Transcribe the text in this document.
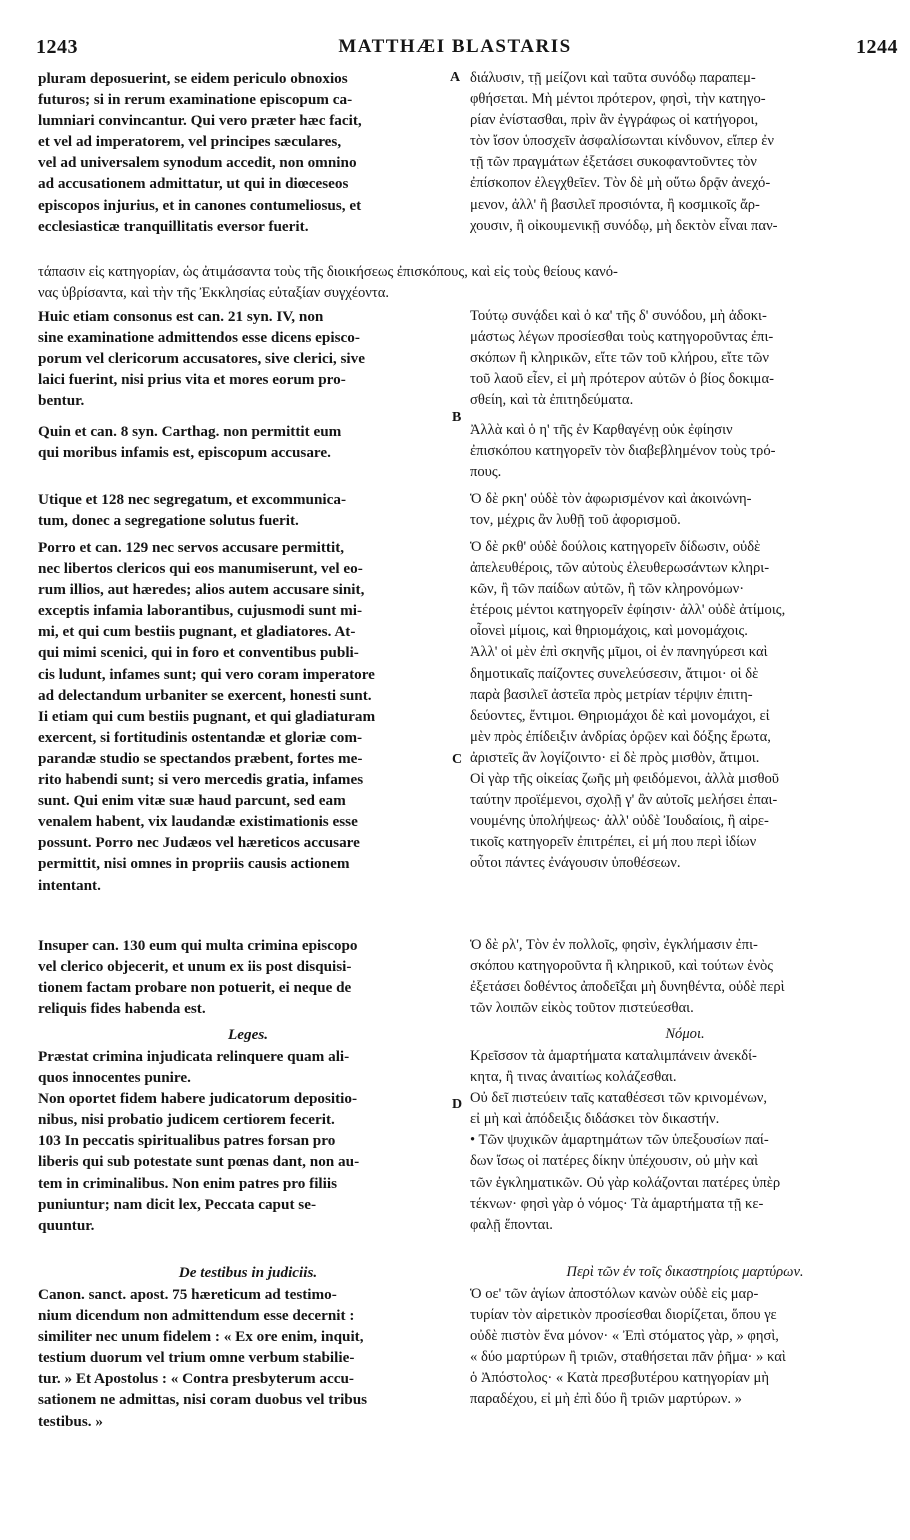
1243	MATTHÆI BLASTARIS	1244
A
B
C
D
pluram deposuerint, se eidem periculo obnoxios
futuros; si in rerum examinatione episcopum ca-
lumniari convincantur. Qui vero præter hæc facit,
et vel ad imperatorem, vel principes sæculares,
vel ad universalem synodum accedit, non omnino
ad accusationem admittatur, ut qui in diœceseos
episcopos injurius, et in canones contumeliosus, et
ecclesiasticæ tranquillitatis eversor fuerit.
τάπασιν εἰς κατηγορίαν, ὡς ἀτιμάσαντα τοὺς τῆς διοικήσεως ἐπισκόπους, καὶ εἰς τοὺς θείους κανό-
νας ὑβρίσαντα, καὶ τὴν τῆς Ἐκκλησίας εὐταξίαν συγχέοντα.
Huic etiam consonus est can. 21 syn. IV, non
sine examinatione admittendos esse dicens episco-
porum vel clericorum accusatores, sive clerici, sive
laici fuerint, nisi prius vita et mores eorum pro-
bentur.
Quin et can. 8 syn. Carthag. non permittit eum
qui moribus infamis est, episcopum accusare.
Utique et 128 nec segregatum, et excommunica-
tum, donec a segregatione solutus fuerit.
Porro et can. 129 nec servos accusare permittit,
nec libertos clericos qui eos manumiserunt, vel eo-
rum illios, aut hæredes; alios autem accusare sinit,
exceptis infamia laborantibus, cujusmodi sunt mi-
mi, et qui cum bestiis pugnant, et gladiatores. At-
qui mimi scenici, qui in foro et conventibus publi-
cis ludunt, infames sunt; qui vero coram imperatore
ad delectandum urbaniter se exercent, honesti sunt.
Ii etiam qui cum bestiis pugnant, et qui gladiaturam
exercent, si fortitudinis ostentandæ et gloriæ com-
parandæ studio se spectandos præbent, fortes me-
rito habendi sunt; si vero mercedis gratia, infames
sunt. Qui enim vitæ suæ haud parcunt, sed eam
venalem habent, vix laudandæ existimationis esse
possunt. Porro nec Judæos vel hæreticos accusare
permittit, nisi omnes in propriis causis actionem
intentant.
Insuper can. 130 eum qui multa crimina episcopo
vel clerico objecerit, et unum ex iis post disquisi-
tionem factam probare non potuerit, ei neque de
reliquis fides habenda est.
Leges.
Præstat crimina injudicata relinquere quam ali-
quos innocentes punire.
Non oportet fidem habere judicatorum depositio-
nibus, nisi probatio judicem certiorem fecerit.
103 In peccatis spiritualibus patres forsan pro
liberis qui sub potestate sunt pœnas dant, non au-
tem in criminalibus. Non enim patres pro filiis
puniuntur; nam dicit lex, Peccata caput se-
quuntur.
De testibus in judiciis.
Canon. sanct. apost. 75 hæreticum ad testimo-
nium dicendum non admittendum esse decernit :
similiter nec unum fidelem : « Ex ore enim, inquit,
testium duorum vel trium omne verbum stabilie-
tur. » Et Apostolus : « Contra presbyterum accu-
sationem ne admittas, nisi coram duobus vel tribus
testibus. »
διάλυσιν, τῇ μείζονι καὶ ταῦτα συνόδῳ παραπεμ-
φθήσεται. Μὴ μέντοι πρότερον, φησὶ, τὴν κατηγο-
ρίαν ἐνίστασθαι, πρὶν ἂν ἐγγράφως οἱ κατήγοροι,
τὸν ἴσον ὑποσχεῖν ἀσφαλίσωνται κίνδυνον, εἴπερ ἐν
τῇ τῶν πραγμάτων ἐξετάσει συκοφαντοῦντες τὸν
ἐπίσκοπον ἐλεγχθεῖεν. Τὸν δὲ μὴ οὕτω δρᾷν ἀνεχό-
μενον, ἀλλ' ἢ βασιλεῖ προσιόντα, ἢ κοσμικοῖς ἄρ-
χουσιν, ἢ οἰκουμενικῇ συνόδῳ, μὴ δεκτὸν εἶναι παν-
Τούτῳ συνᾴδει καὶ ὁ κα' τῆς δ' συνόδου, μὴ ἀδοκι-
μάστως λέγων προσίεσθαι τοὺς κατηγοροῦντας ἐπι-
σκόπων ἢ κληρικῶν, εἴτε τῶν τοῦ κλήρου, εἴτε τῶν
τοῦ λαοῦ εἶεν, εἰ μὴ πρότερον αὐτῶν ὁ βίος δοκιμα-
σθείη, καὶ τὰ ἐπιτηδεύματα.
Ἀλλὰ καὶ ὁ η' τῆς ἐν Καρθαγένῃ οὐκ ἐφίησιν
ἐπισκόπου κατηγορεῖν τὸν διαβεβλημένον τοὺς τρό-
πους.
Ὁ δὲ ρκη' οὐδὲ τὸν ἀφωρισμένον καὶ ἀκοινώνη-
τον, μέχρις ἂν λυθῇ τοῦ ἀφορισμοῦ.
Ὁ δὲ ρκθ' οὐδὲ δούλοις κατηγορεῖν δίδωσιν, οὐδὲ
ἀπελευθέροις, τῶν αὐτοὺς ἐλευθερωσάντων κληρι-
κῶν, ἢ τῶν παίδων αὐτῶν, ἢ τῶν κληρονόμων·
ἑτέροις μέντοι κατηγορεῖν ἐφίησιν· ἀλλ' οὐδὲ ἀτίμοις,
οἷονεὶ μίμοις, καὶ θηριομάχοις, καὶ μονομάχοις.
Ἀλλ' οἱ μὲν ἐπὶ σκηνῆς μῖμοι, οἱ ἐν πανηγύρεσι καὶ
δημοτικαῖς παίζοντες συνελεύσεσιν, ἄτιμοι· οἱ δὲ
παρὰ βασιλεῖ ἀστεῖα πρὸς μετρίαν τέρψιν ἐπιτη-
δεύοντες, ἔντιμοι. Θηριομάχοι δὲ καὶ μονομάχοι, εἰ
μὲν πρὸς ἐπίδειξιν ἀνδρίας ὁρῷεν καὶ δόξης ἔρωτα,
ἀριστεῖς ἂν λογίζοιντο· εἰ δὲ πρὸς μισθὸν, ἄτιμοι.
Οἱ γὰρ τῆς οἰκείας ζωῆς μὴ φειδόμενοι, ἀλλὰ μισθοῦ
ταύτην προϊέμενοι, σχολῇ γ' ἂν αὐτοῖς μελήσει ἐπαι-
νουμένης ὑπολήψεως· ἀλλ' οὐδὲ Ἰουδαίοις, ἢ αἱρε-
τικοῖς κατηγορεῖν ἐπιτρέπει, εἰ μή που περὶ ἰδίων
οὗτοι πάντες ἐνάγουσιν ὑποθέσεων.
Ὁ δὲ ρλ', Τὸν ἐν πολλοῖς, φησὶν, ἐγκλήμασιν ἐπι-
σκόπου κατηγοροῦντα ἢ κληρικοῦ, καὶ τούτων ἑνὸς
ἐξετάσει δοθέντος ἀποδεῖξαι μὴ δυνηθέντα, οὐδὲ περὶ
τῶν λοιπῶν εἰκὸς τοῦτον πιστεύεσθαι.
Νόμοι.
Κρεῖσσον τὰ ἁμαρτήματα καταλιμπάνειν ἀνεκδί-
κητα, ἢ τινας ἀναιτίως κολάζεσθαι.
Οὐ δεῖ πιστεύειν ταῖς καταθέσεσι τῶν κρινομένων,
εἰ μὴ καὶ ἀπόδειξις διδάσκει τὸν δικαστήν.
• Τῶν ψυχικῶν ἁμαρτημάτων τῶν ὑπεξουσίων παί-
δων ἴσως οἱ πατέρες δίκην ὑπέχουσιν, οὐ μὴν καὶ
τῶν ἐγκληματικῶν. Οὐ γὰρ κολάζονται πατέρες ὑπὲρ
τέκνων· φησὶ γὰρ ὁ νόμος· Τὰ ἁμαρτήματα τῇ κε-
φαλῇ ἕπονται.
Περὶ τῶν ἐν τοῖς δικαστηρίοις μαρτύρων.
Ὁ οε' τῶν ἁγίων ἀποστόλων κανὼν οὐδὲ εἰς μαρ-
τυρίαν τὸν αἱρετικὸν προσίεσθαι διορίζεται, ὅπου γε
οὐδὲ πιστὸν ἕνα μόνον· « Ἐπὶ στόματος γὰρ, » φησὶ,
« δύο μαρτύρων ἢ τριῶν, σταθήσεται πᾶν ῥῆμα· » καὶ
ὁ Ἀπόστολος· « Κατὰ πρεσβυτέρου κατηγορίαν μὴ
παραδέχου, εἰ μὴ ἐπὶ δύο ἢ τριῶν μαρτύρων. »
